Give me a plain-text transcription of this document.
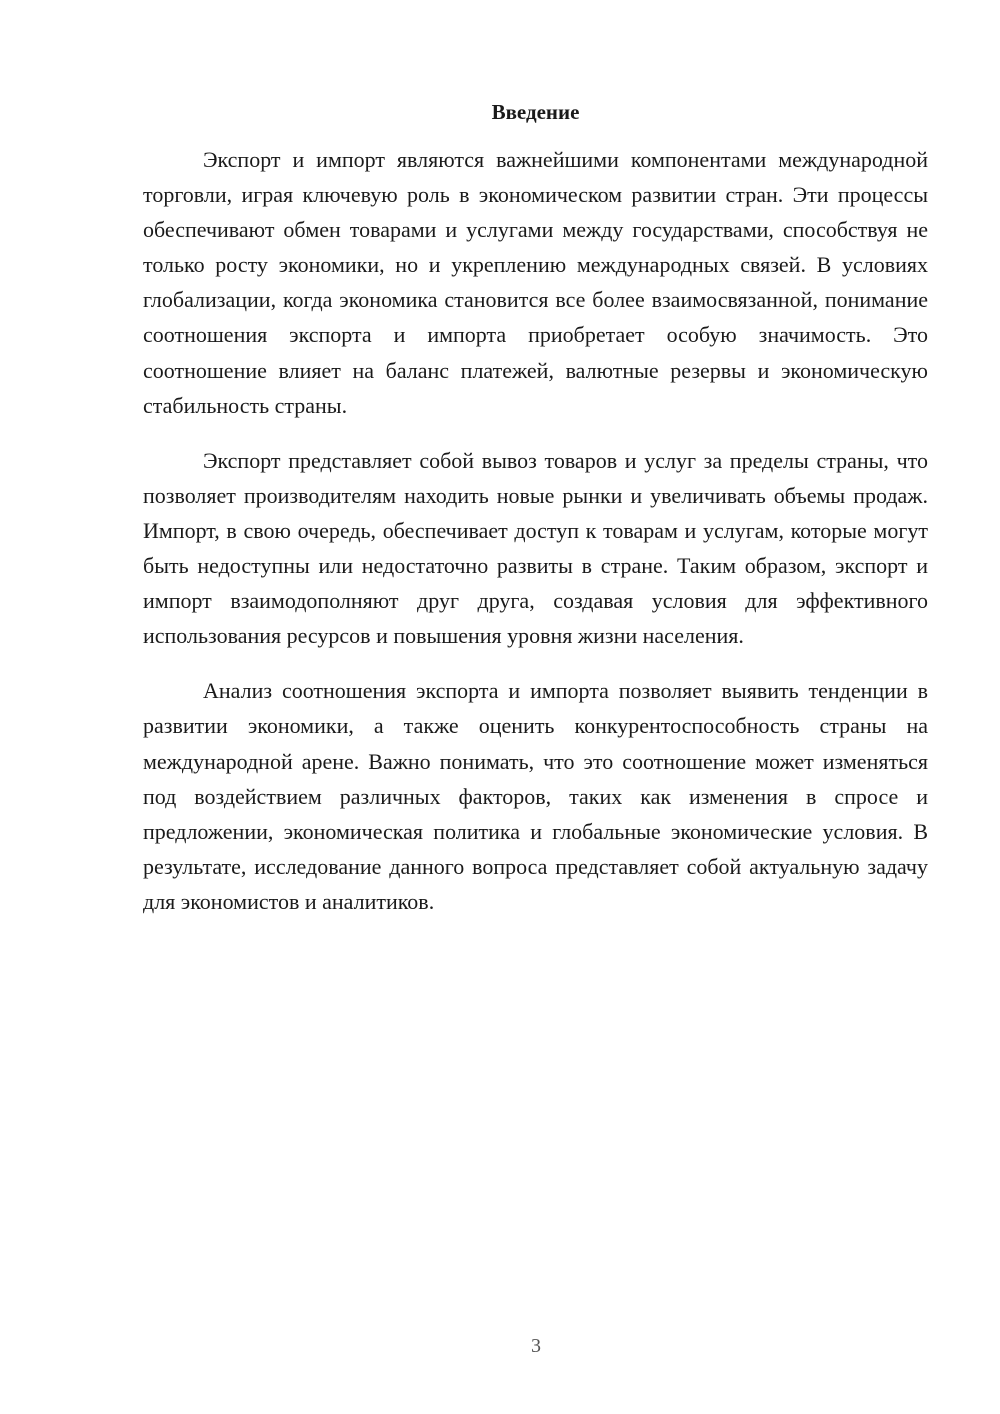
Введение

Экспорт и импорт являются важнейшими компонентами международной торговли, играя ключевую роль в экономическом развитии стран. Эти процессы обеспечивают обмен товарами и услугами между государствами, способствуя не только росту экономики, но и укреплению международных связей. В условиях глобализации, когда экономика становится все более взаимосвязанной, понимание соотношения экспорта и импорта приобретает особую значимость. Это соотношение влияет на баланс платежей, валютные резервы и экономическую стабильность страны.

Экспорт представляет собой вывоз товаров и услуг за пределы страны, что позволяет производителям находить новые рынки и увеличивать объемы продаж. Импорт, в свою очередь, обеспечивает доступ к товарам и услугам, которые могут быть недоступны или недостаточно развиты в стране. Таким образом, экспорт и импорт взаимодополняют друг друга, создавая условия для эффективного использования ресурсов и повышения уровня жизни населения.

Анализ соотношения экспорта и импорта позволяет выявить тенденции в развитии экономики, а также оценить конкурентоспособность страны на международной арене. Важно понимать, что это соотношение может изменяться под воздействием различных факторов, таких как изменения в спросе и предложении, экономическая политика и глобальные экономические условия. В результате, исследование данного вопроса представляет собой актуальную задачу для экономистов и аналитиков.

3
